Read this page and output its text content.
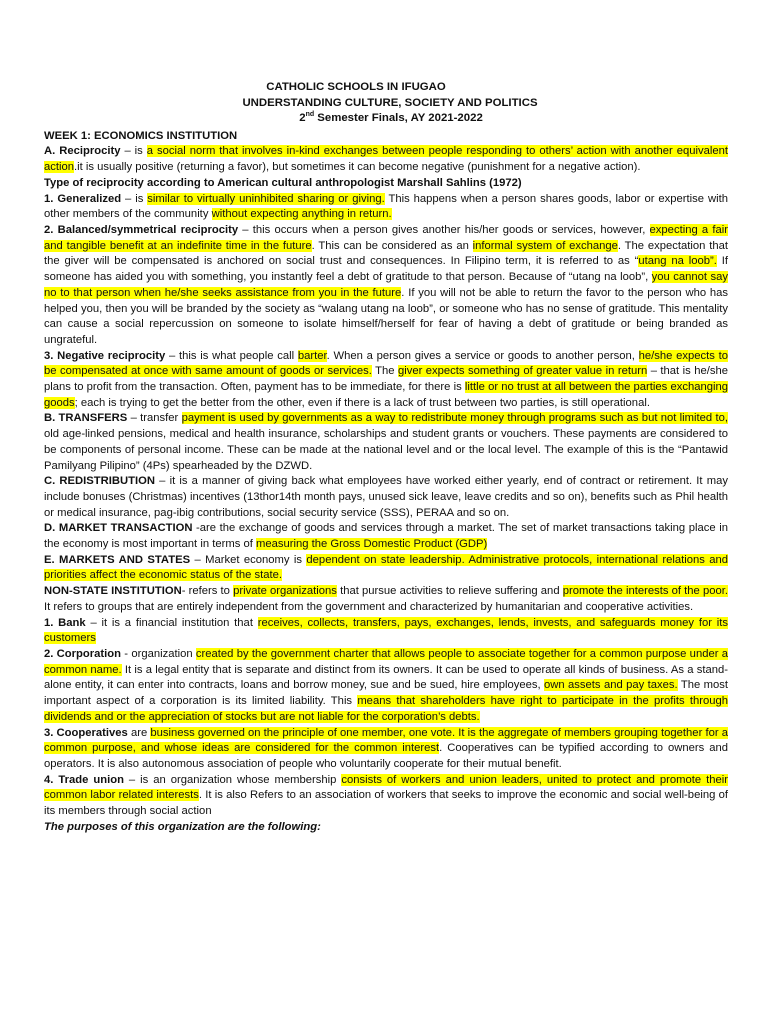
CATHOLIC SCHOOLS IN IFUGAO
UNDERSTANDING CULTURE, SOCIETY AND POLITICS
2nd Semester Finals, AY 2021-2022

WEEK 1: ECONOMICS INSTITUTION

A. Reciprocity – is a social norm that involves in-kind exchanges between people responding to others’ action with another equivalent action.it is usually positive (returning a favor), but sometimes it can become negative (punishment for a negative action).

Type of reciprocity according to American cultural anthropologist Marshall Sahlins (1972)

1. Generalized – is similar to virtually uninhibited sharing or giving. This happens when a person shares goods, labor or expertise with other members of the community without expecting anything in return.

2. Balanced/symmetrical reciprocity – this occurs when a person gives another his/her goods or services, however, expecting a fair and tangible benefit at an indefinite time in the future. This can be considered as an informal system of exchange. The expectation that the giver will be compensated is anchored on social trust and consequences. In Filipino term, it is referred to as “utang na loob”. If someone has aided you with something, you instantly feel a debt of gratitude to that person. Because of “utang na loob”, you cannot say no to that person when he/she seeks assistance from you in the future. If you will not be able to return the favor to the person who has helped you, then you will be branded by the society as “walang utang na loob”, or someone who has no sense of gratitude. This mentality can cause a social repercussion on someone to isolate himself/herself for fear of having a debt of gratitude or being branded as ungrateful.

3. Negative reciprocity – this is what people call barter. When a person gives a service or goods to another person, he/she expects to be compensated at once with same amount of goods or services. The giver expects something of greater value in return – that is he/she plans to profit from the transaction. Often, payment has to be immediate, for there is little or no trust at all between the parties exchanging goods; each is trying to get the better from the other, even if there is a lack of trust between two parties, is still operational.

B. TRANSFERS – transfer payment is used by governments as a way to redistribute money through programs such as but not limited to, old age-linked pensions, medical and health insurance, scholarships and student grants or vouchers. These payments are considered to be components of personal income. These can be made at the national level and or the local level. The example of this is the “Pantawid Pamilyang Pilipino” (4Ps) spearheaded by the DZWD.

C. REDISTRIBUTION – it is a manner of giving back what employees have worked either yearly, end of contract or retirement. It may include bonuses (Christmas) incentives (13thor14th month pays, unused sick leave, leave credits and so on), benefits such as Phil health or medical insurance, pag-ibig contributions, social security service (SSS), PERAA and so on.

D. MARKET TRANSACTION -are the exchange of goods and services through a market. The set of market transactions taking place in the economy is most important in terms of measuring the Gross Domestic Product (GDP)

E. MARKETS AND STATES – Market economy is dependent on state leadership. Administrative protocols, international relations and priorities affect the economic status of the state.

NON-STATE INSTITUTION- refers to private organizations that pursue activities to relieve suffering and promote the interests of the poor. It refers to groups that are entirely independent from the government and characterized by humanitarian and cooperative activities.

1. Bank – it is a financial institution that receives, collects, transfers, pays, exchanges, lends, invests, and safeguards money for its customers

2. Corporation - organization created by the government charter that allows people to associate together for a common purpose under a common name. It is a legal entity that is separate and distinct from its owners. It can be used to operate all kinds of business. As a stand-alone entity, it can enter into contracts, loans and borrow money, sue and be sued, hire employees, own assets and pay taxes. The most important aspect of a corporation is its limited liability. This means that shareholders have right to participate in the profits through dividends and or the appreciation of stocks but are not liable for the corporation’s debts.

3. Cooperatives are business governed on the principle of one member, one vote. It is the aggregate of members grouping together for a common purpose, and whose ideas are considered for the common interest. Cooperatives can be typified according to owners and operators. It is also autonomous association of people who voluntarily cooperate for their mutual benefit.

4. Trade union – is an organization whose membership consists of workers and union leaders, united to protect and promote their common labor related interests. It is also Refers to an association of workers that seeks to improve the economic and social well-being of its members through social action

The purposes of this organization are the following:
